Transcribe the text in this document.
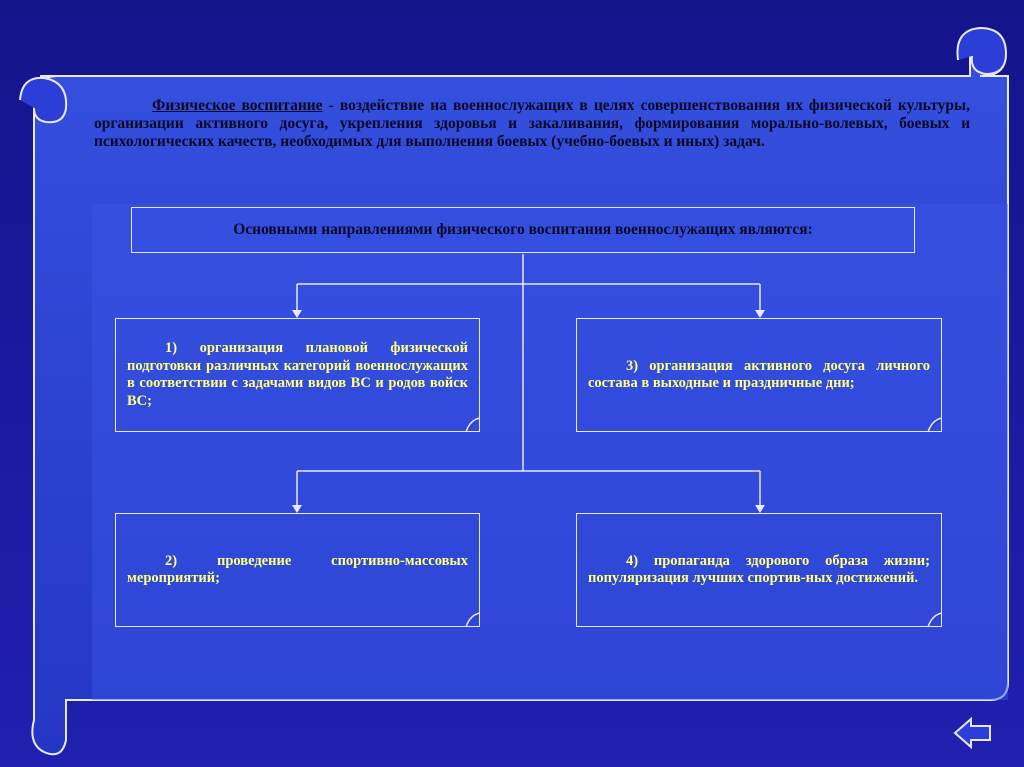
Физическое воспитание - воздействие на военнослужащих в целях совершенствования их физической культуры, организации активного досуга, укрепления здоровья и закаливания, формирования морально-волевых, боевых и психологических качеств, необходимых для выполнения боевых (учебно-боевых и иных) задач.
Основными направлениями физического воспитания военнослужащих являются:
1) организация плановой физической подготовки различных категорий военнослужащих в соответствии с задачами видов ВС и родов войск ВС;
3) организация активного досуга личного состава в выходные и праздничные дни;
2) проведение спортивно-массовых мероприятий;
4) пропаганда здорового образа жизни; популяризация лучших спортив-ных достижений.
